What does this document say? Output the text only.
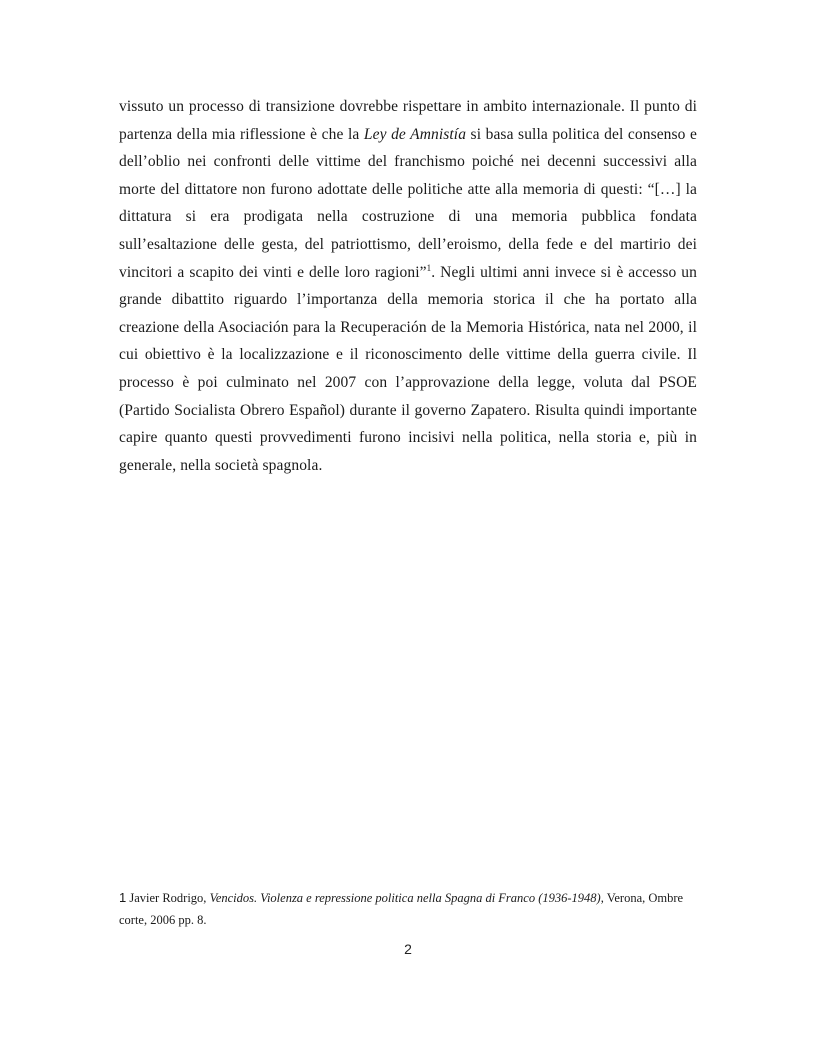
vissuto un processo di transizione dovrebbe rispettare in ambito internazionale. Il punto di partenza della mia riflessione è che la Ley de Amnistía si basa sulla politica del consenso e dell’oblio nei confronti delle vittime del franchismo poiché nei decenni successivi alla morte del dittatore non furono adottate delle politiche atte alla memoria di questi: “[…] la dittatura si era prodigata nella costruzione di una memoria pubblica fondata sull’esaltazione delle gesta, del patriottismo, dell’eroismo, della fede e del martirio dei vincitori a scapito dei vinti e delle loro ragioni”$^1$. Negli ultimi anni invece si è accesso un grande dibattito riguardo l’importanza della memoria storica il che ha portato alla creazione della Asociación para la Recuperación de la Memoria Histórica, nata nel 2000, il cui obiettivo è la localizzazione e il riconoscimento delle vittime della guerra civile. Il processo è poi culminato nel 2007 con l’approvazione della legge, voluta dal PSOE (Partido Socialista Obrero Español) durante il governo Zapatero. Risulta quindi importante capire quanto questi provvedimenti furono incisivi nella politica, nella storia e, più in generale, nella società spagnola.

1 Javier Rodrigo, Vencidos. Violenza e repressione politica nella Spagna di Franco (1936-1948), Verona, Ombre corte, 2006 pp. 8.
2
